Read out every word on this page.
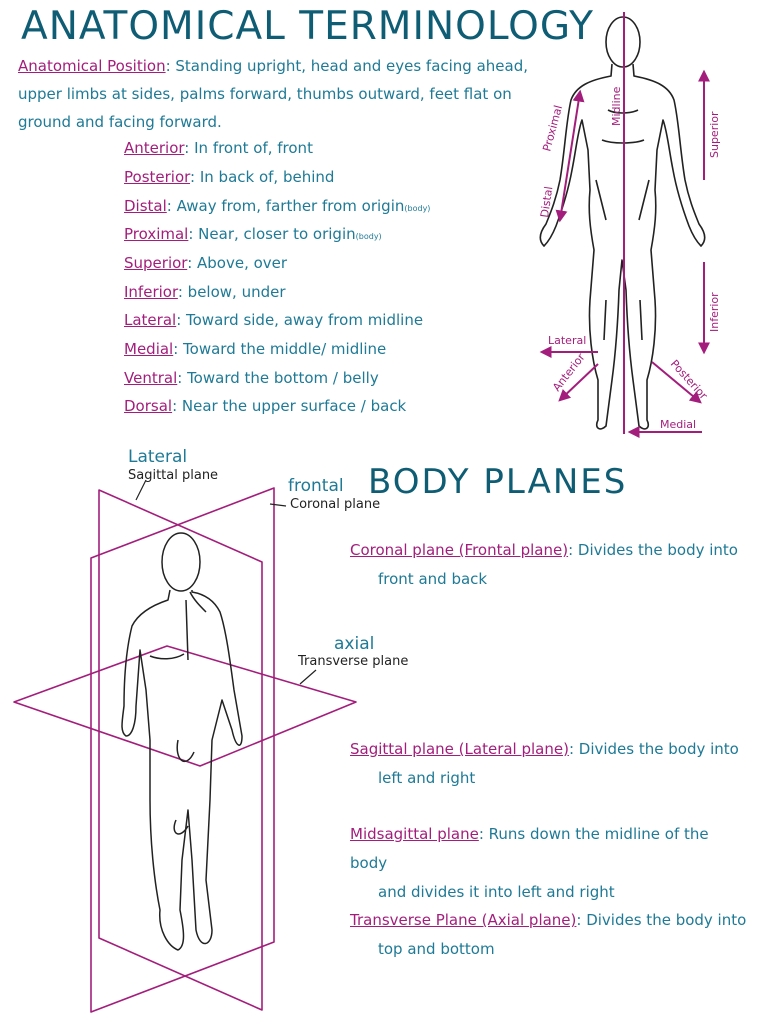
ANATOMICAL TERMINOLOGY
Anatomical Position: Standing upright, head and eyes facing ahead, upper limbs at sides, palms forward, thumbs outward, feet flat on ground and facing forward.
Anterior: In front of, front
Posterior: In back of, behind
Distal: Away from, farther from origin(body)
Proximal: Near, closer to origin(body)
Superior: Above, over
Inferior: below, under
Lateral: Toward side, away from midline
Medial: Toward the middle/ midline
Ventral: Toward the bottom / belly
Dorsal: Near the upper surface / back
Midline
Proximal
Distal
Superior
Inferior
Lateral
Anterior	Posterior
Medial
BODY PLANES
Lateral
Sagittal plane
frontal
Coronal plane
axial
Transverse plane
Coronal plane (Frontal plane): Divides the body into
front and back
Sagittal plane (Lateral plane): Divides the body into
left and right
Midsagittal plane: Runs down the midline of the body
and divides it into left and right
Transverse Plane (Axial plane): Divides the body into
top and bottom
